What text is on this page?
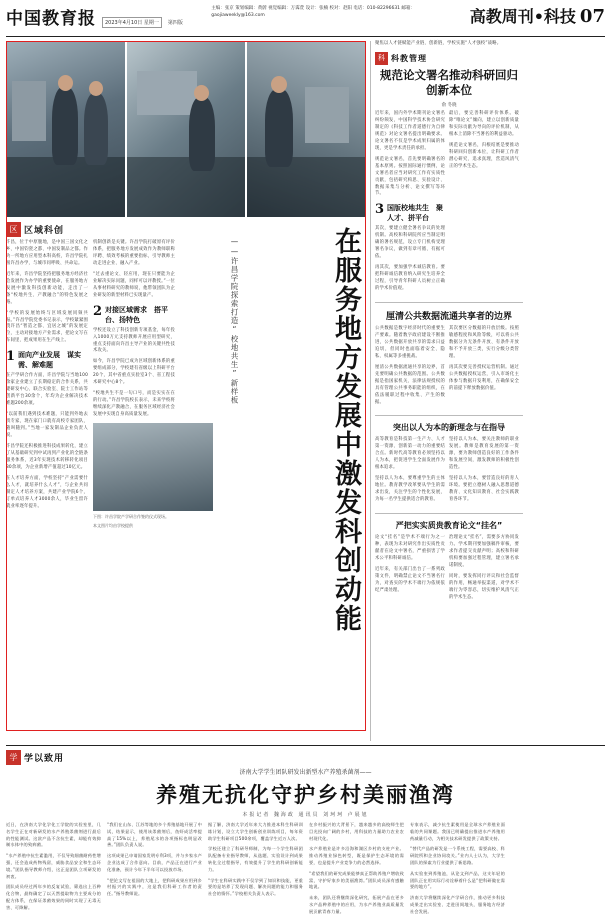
中国教育报	2023年4月10日 星期一	第四版
主编：张京 策划编辑：黄蔚 视觉编辑：万霁萱 设计：张楠 校对：赵阳 电话：010-82296631 邮箱：gaojiaweekly@163.com	高教周刊•科技 07
区 区域科创

许昌，位于中原腹地，是中国三国文化之乡、中国钧瓷之都、中国发制品之都。作为一所地方应用型本科高校，许昌学院扎根许昌办学，与城市同呼吸、共命运。

近年来，许昌学院坚持把服务地方经济社会发展作为办学的重要使命，在服务地方发展中激发科技创新动能，走出了一条“校地共生、产教融合”的特色发展之路。

“学校的发展始终与区域发展同频共振。”许昌学院党委书记表示，学校紧紧围绕许昌“智造之都、宜居之城”的发展定位，主动对接地方产业需求，把论文写在车间里，把成果用在生产线上。

1 面向产业发展　谋实需、解难题

在产学研合作方面，许昌学院与当地100余家企业建立了长期稳定的合作关系，共建研发中心、联合实验室、院士工作站等创新平台30余个，年均为企业解决技术难题200余项。

“以前我们遇到技术难题，只能到外地去找专家，现在家门口就有高校专家团队，随叫随到。”当地一家发制品企业负责人说。

许昌学院还积极推进科技成果转化，建立了从基础研究到中试再到产业化的全链条服务体系，近3年实现技术转移转化项目80余项，为企业新增产值超过10亿元。

在人才培养方面，学校坚持“产业需要什么人才，就培养什么人才”，与企业共同制定人才培养方案，共建产业学院6个，订单式培养人才3000余人，毕业生留许就业率逐年提升。

机制创新是关键。许昌学院打破原有评价体系，把服务地方发展成效作为教师职称评聘、绩效考核的重要指标，引导教师主动走进企业、融入产业。

“过去重论文、轻应用，现在只要能为企业解决实际问题，同样可以评教授。”一位从事材料研究的教师说，他带领团队为企业研发的新型材料已实现量产。

2 对接区域需求　搭平台、扬特色

学校还设立了科技创新专项基金，每年投入1000万元支持教师开展应用型研究，重点支持面向许昌主导产业的关键共性技术攻关。

如今，许昌学院已成为区域创新体系的重要组成部分，学校建有省级以上科研平台20个，其中省重点实验室3个、省工程技术研究中心8个。

“校地共生不是一句口号，而是实实在在的行动。”许昌学院校长表示，未来学校将继续深化产教融合，在服务区域经济社会发展中实现自身高质量发展。

下图：许昌学院产学研合作签约仪式现场。
本文图片均由学校提供
——许昌学院探索打造“校地共生”新样板	在服务地方发展中激发科创动能

聚焦以人才链赋能产业链、创新链，学校实施“人才强校”战略。

科 科教管理
规范论文署名推动科研回归创新本位
俞 冬晓

近年来，国内外学术期刊论文署名纠纷频发，中国科学技术协会研究制定的《科技工作者道德行为自律规范》对论文署名提出明确要求。论文署名不仅是学术成果归属的体现，更是学术责任的承担。

规范论文署名，首先要明确署名的基本原则。按照国际通行惯例，论文署名者应当对研究工作有实质性贡献，包括研究构思、实验设计、数据采集与分析、论文撰写等环节。

3 国版校地共生　聚人才、拼平台

其次，要建立健全署名争议的处理机制。高校和科研院所应当制定明确的署名规范，设立专门机构受理署名争议，做到有章可循、有据可依。

再其次，要加强学术诚信教育。要把科研诚信教育纳入研究生培养全过程，引导青年科研人员树立正确的学术价值观。

最后，要完善科研评价体系。破除“唯论文”倾向，建立以创新质量和实际贡献为导向的评价机制，从根本上消除不当署名的利益驱动。

规范论文署名，归根结底是要推动科研回归创新本位，让科研工作者潜心研究、追求真理，营造风清气正的学术生态。

厘清公共数据流通共享者的边界

公共数据是数字经济时代的重要生产要素。随着数字政府建设不断推进，公共数据开放共享的需求日益迫切，但同时也面临着安全、隐私、权属等多重挑战。

厘清公共数据流通共享的边界，首先要明确公共数据的范围。公共数据是指国家机关、法律法规授权的具有管理公共事务职能的组织，在依法履职过程中收集、产生的数据。

其次要区分数据的开放层级。按照敏感程度和风险等级，可以将公共数据分为无条件开放、有条件开放和不予开放三类，实行分级分类管理。

再其次要完善授权运营机制。通过公共数据授权运营，引入市场化主体参与数据开发利用，在确保安全的前提下释放数据价值。

突出以人为本的新理念与在指导

高等教育是科技第一生产力、人才第一资源、创新第一动力的重要结合点。新时代高等教育必须坚持以人为本，把促进学生全面发展作为根本追求。

坚持以人为本，要尊重学生的主体地位。教育教学改革要从学生的需求出发，关注学生的个性化发展，为每一名学生提供适合的教育。

坚持以人为本，要关注教师的职业发展。教师是教育发展的第一资源，要为教师创造良好的工作条件和发展空间，激发教师的积极性创造性。

坚持以人为本，要营造良好的育人环境。要把立德树人融入思想道德教育、文化知识教育、社会实践教育各环节。

严把实实质贵教育论文“挂名”

论文“挂名”是学术不端行为之一种，表现为未对研究作出实质性贡献者在论文中署名，严重损害了学术公平和科研诚信。

近年来，有关部门出台了一系列政策文件，明确禁止论文不当署名行为，对查实的学术不端行为依规依纪严肃处理。

治理论文“挂名”，需要多方协同发力。学术期刊要加强稿件审核，要求作者提交贡献声明；高校和科研机构要加强过程管理，建立署名承诺制度。

同时，要发挥同行评议和社会监督的作用，畅通举报渠道，对学术不端行为零容忍，切实维护风清气正的学术生态。

学 学以致用
济南大学学生团队研发出新型水产养殖杀菌剂——
养殖无抗化守护乡村美丽渔湾
本报记者 魏海政 通讯员 刘珂珂 卢展旭

近日，在济南大学化学化工学院的实验室里，几名学生正在对新研发的水产养殖杀菌剂进行最后的性能测试。这款产品不含抗生素，却能有效抑制水体中的致病菌。

“水产养殖中抗生素滥用，不仅导致细菌耐药性增强，还会造成药物残留，威胁食品安全和生态环境。”团队指导教师介绍，这正是团队立项研发的初衷。

团队成员经过两年多的反复试验，筛选出上百种化合物，最终确定了以天然提取物为主要成分的配方体系，在保证杀菌效果的同时实现了无毒无害、可降解。

“我们在山东、江苏等地的多个养殖基地开展了中试，结果显示，使用该杀菌剂后，鱼虾成活率提高了15%以上，养殖尾水的各项指标也明显改善。”团队负责人说。

这项成果已申请国家发明专利3项，并与多家水产企业达成了合作意向。目前，产品正在进行产业化准备，预计今年下半年可以投放市场。

“把论文写在祖国的大地上，把科研成果应用到乡村振兴的实践中，这是我们科研工作者的责任。”指导教师说。

据了解，济南大学近年来大力推进本科生科研训练计划，设立大学生创新创业训练项目，每年资助学生科研项目500余项，覆盖学生近万人次。

学校还建立了科研导师制，为每一个学生科研团队配备专业指导教师，从选题、实验设计到成果转化全过程指导，有效提升了学生的科研创新能力。

“学生在科研实践中不仅学到了知识和技能，更重要的是培养了发现问题、解决问题的能力和服务社会的情怀。”学校相关负责人表示。

在乡村振兴的大背景下，越来越多的高校师生把目光投向广阔的乡村，用科技的力量助力农业农村现代化。

水产养殖业是许多沿海和湖区乡村的支柱产业。推动养殖业绿色转型，既是保护生态环境的需要，也是提升产业竞争力的必然选择。

“希望我们的研究成果能够真正帮助养殖户增收致富，守护好家乡的美丽渔湾。”团队成员深有感触地说。

未来，团队还将继续深化研究，拓展产品在更多水产品种养殖中的应用，为水产养殖业高质量发展贡献青春力量。

专家表示，减少抗生素使用是全球水产养殖业面临的共同课题。我国已明确提出推进水产养殖用药减量行动，为相关技术研发提供了政策支持。

“替代产品的研发是一个系统工程，需要高校、科研院所和企业协同攻关。”业内人士认为，大学生团队的探索为行业提供了新思路。

从实验室到养殖池，从论文到产品，这支年轻的团队正在用实际行动诠释着什么是“把科研做在需要的地方”。

济南大学将继续深化产学研合作，推动更多科技成果走出实验室、走进田间地头，服务地方经济社会发展。
